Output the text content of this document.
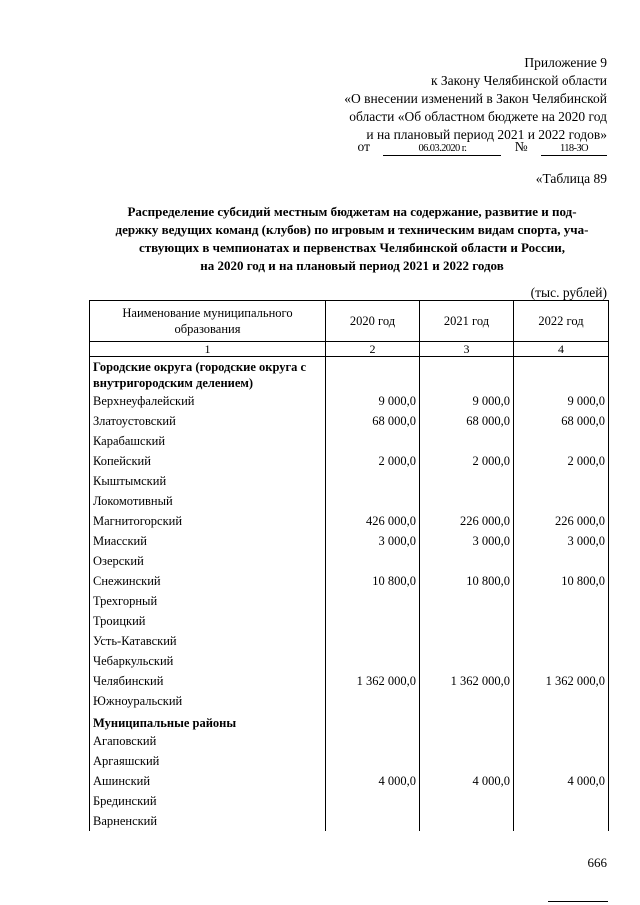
Приложение 9
к Закону Челябинской области
«О внесении изменений в Закон Челябинской
области «Об областном бюджете на 2020 год
и на плановый период 2021 и 2022 годов»
от	06.03.2020 г.	№	118-ЗО
«Таблица 89
Распределение субсидий местным бюджетам на содержание, развитие и под-
держку ведущих команд (клубов) по игровым и техническим видам спорта, уча-
ствующих в чемпионатах и первенствах Челябинской области и России,
на 2020 год и на плановый период 2021 и 2022 годов
(тыс. рублей)
Наименование муниципального образования	2020 год	2021 год	2022 год
1	2	3	4
Городские округа (городские округа с внутригородским делением)			
Верхнеуфалейский	9 000,0	9 000,0	9 000,0
Златоустовский	68 000,0	68 000,0	68 000,0
Карабашский			
Копейский	2 000,0	2 000,0	2 000,0
Кыштымский			
Локомотивный			
Магнитогорский	426 000,0	226 000,0	226 000,0
Миасский	3 000,0	3 000,0	3 000,0
Озерский			
Снежинский	10 800,0	10 800,0	10 800,0
Трехгорный			
Троицкий			
Усть-Катавский			
Чебаркульский			
Челябинский	1 362 000,0	1 362 000,0	1 362 000,0
Южноуральский			
Муниципальные районы			
Агаповский			
Аргаяшский			
Ашинский	4 000,0	4 000,0	4 000,0
Брединский			
Варненский			
666
